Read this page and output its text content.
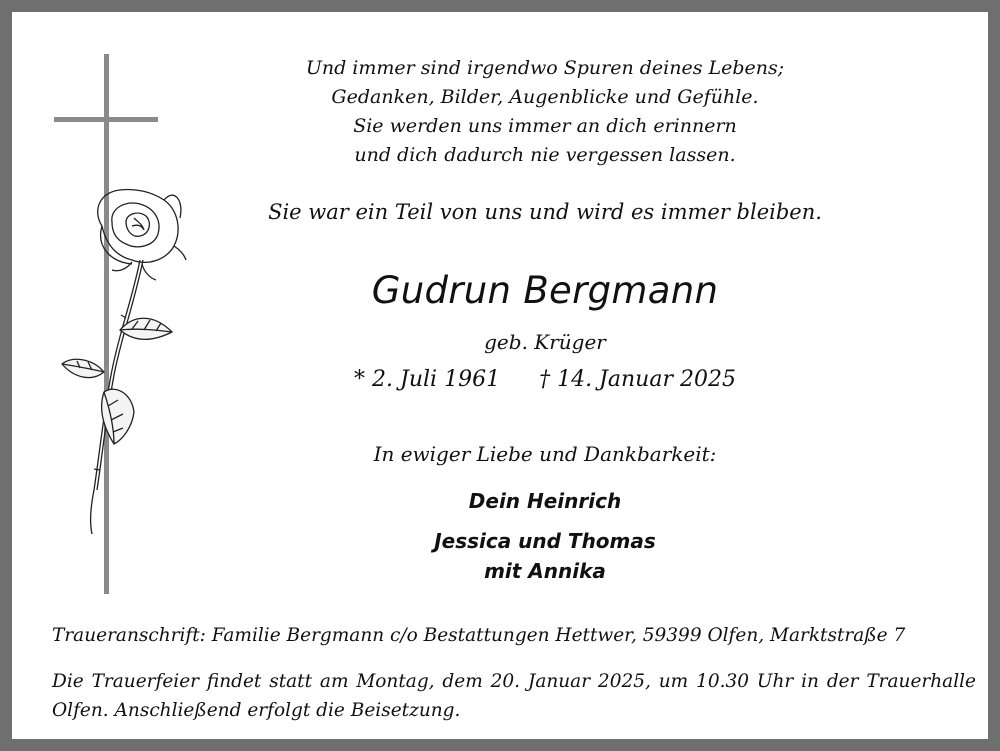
Und immer sind irgendwo Spuren deines Lebens;
Gedanken, Bilder, Augenblicke und Gefühle.
Sie werden uns immer an dich erinnern
und dich dadurch nie vergessen lassen.
Sie war ein Teil von uns und wird es immer bleiben.
Gudrun Bergmann
geb. Krüger
* 2. Juli 1961 † 14. Januar 2025
In ewiger Liebe und Dankbarkeit:
Dein Heinrich
Jessica und Thomas
mit Annika
Traueranschrift: Familie Bergmann c/o Bestattungen Hettwer, 59399 Olfen, Marktstraße 7
Die Trauerfeier findet statt am Montag, dem 20. Januar 2025, um 10.30 Uhr in der Trauerhalle Olfen. Anschließend erfolgt die Beisetzung.
